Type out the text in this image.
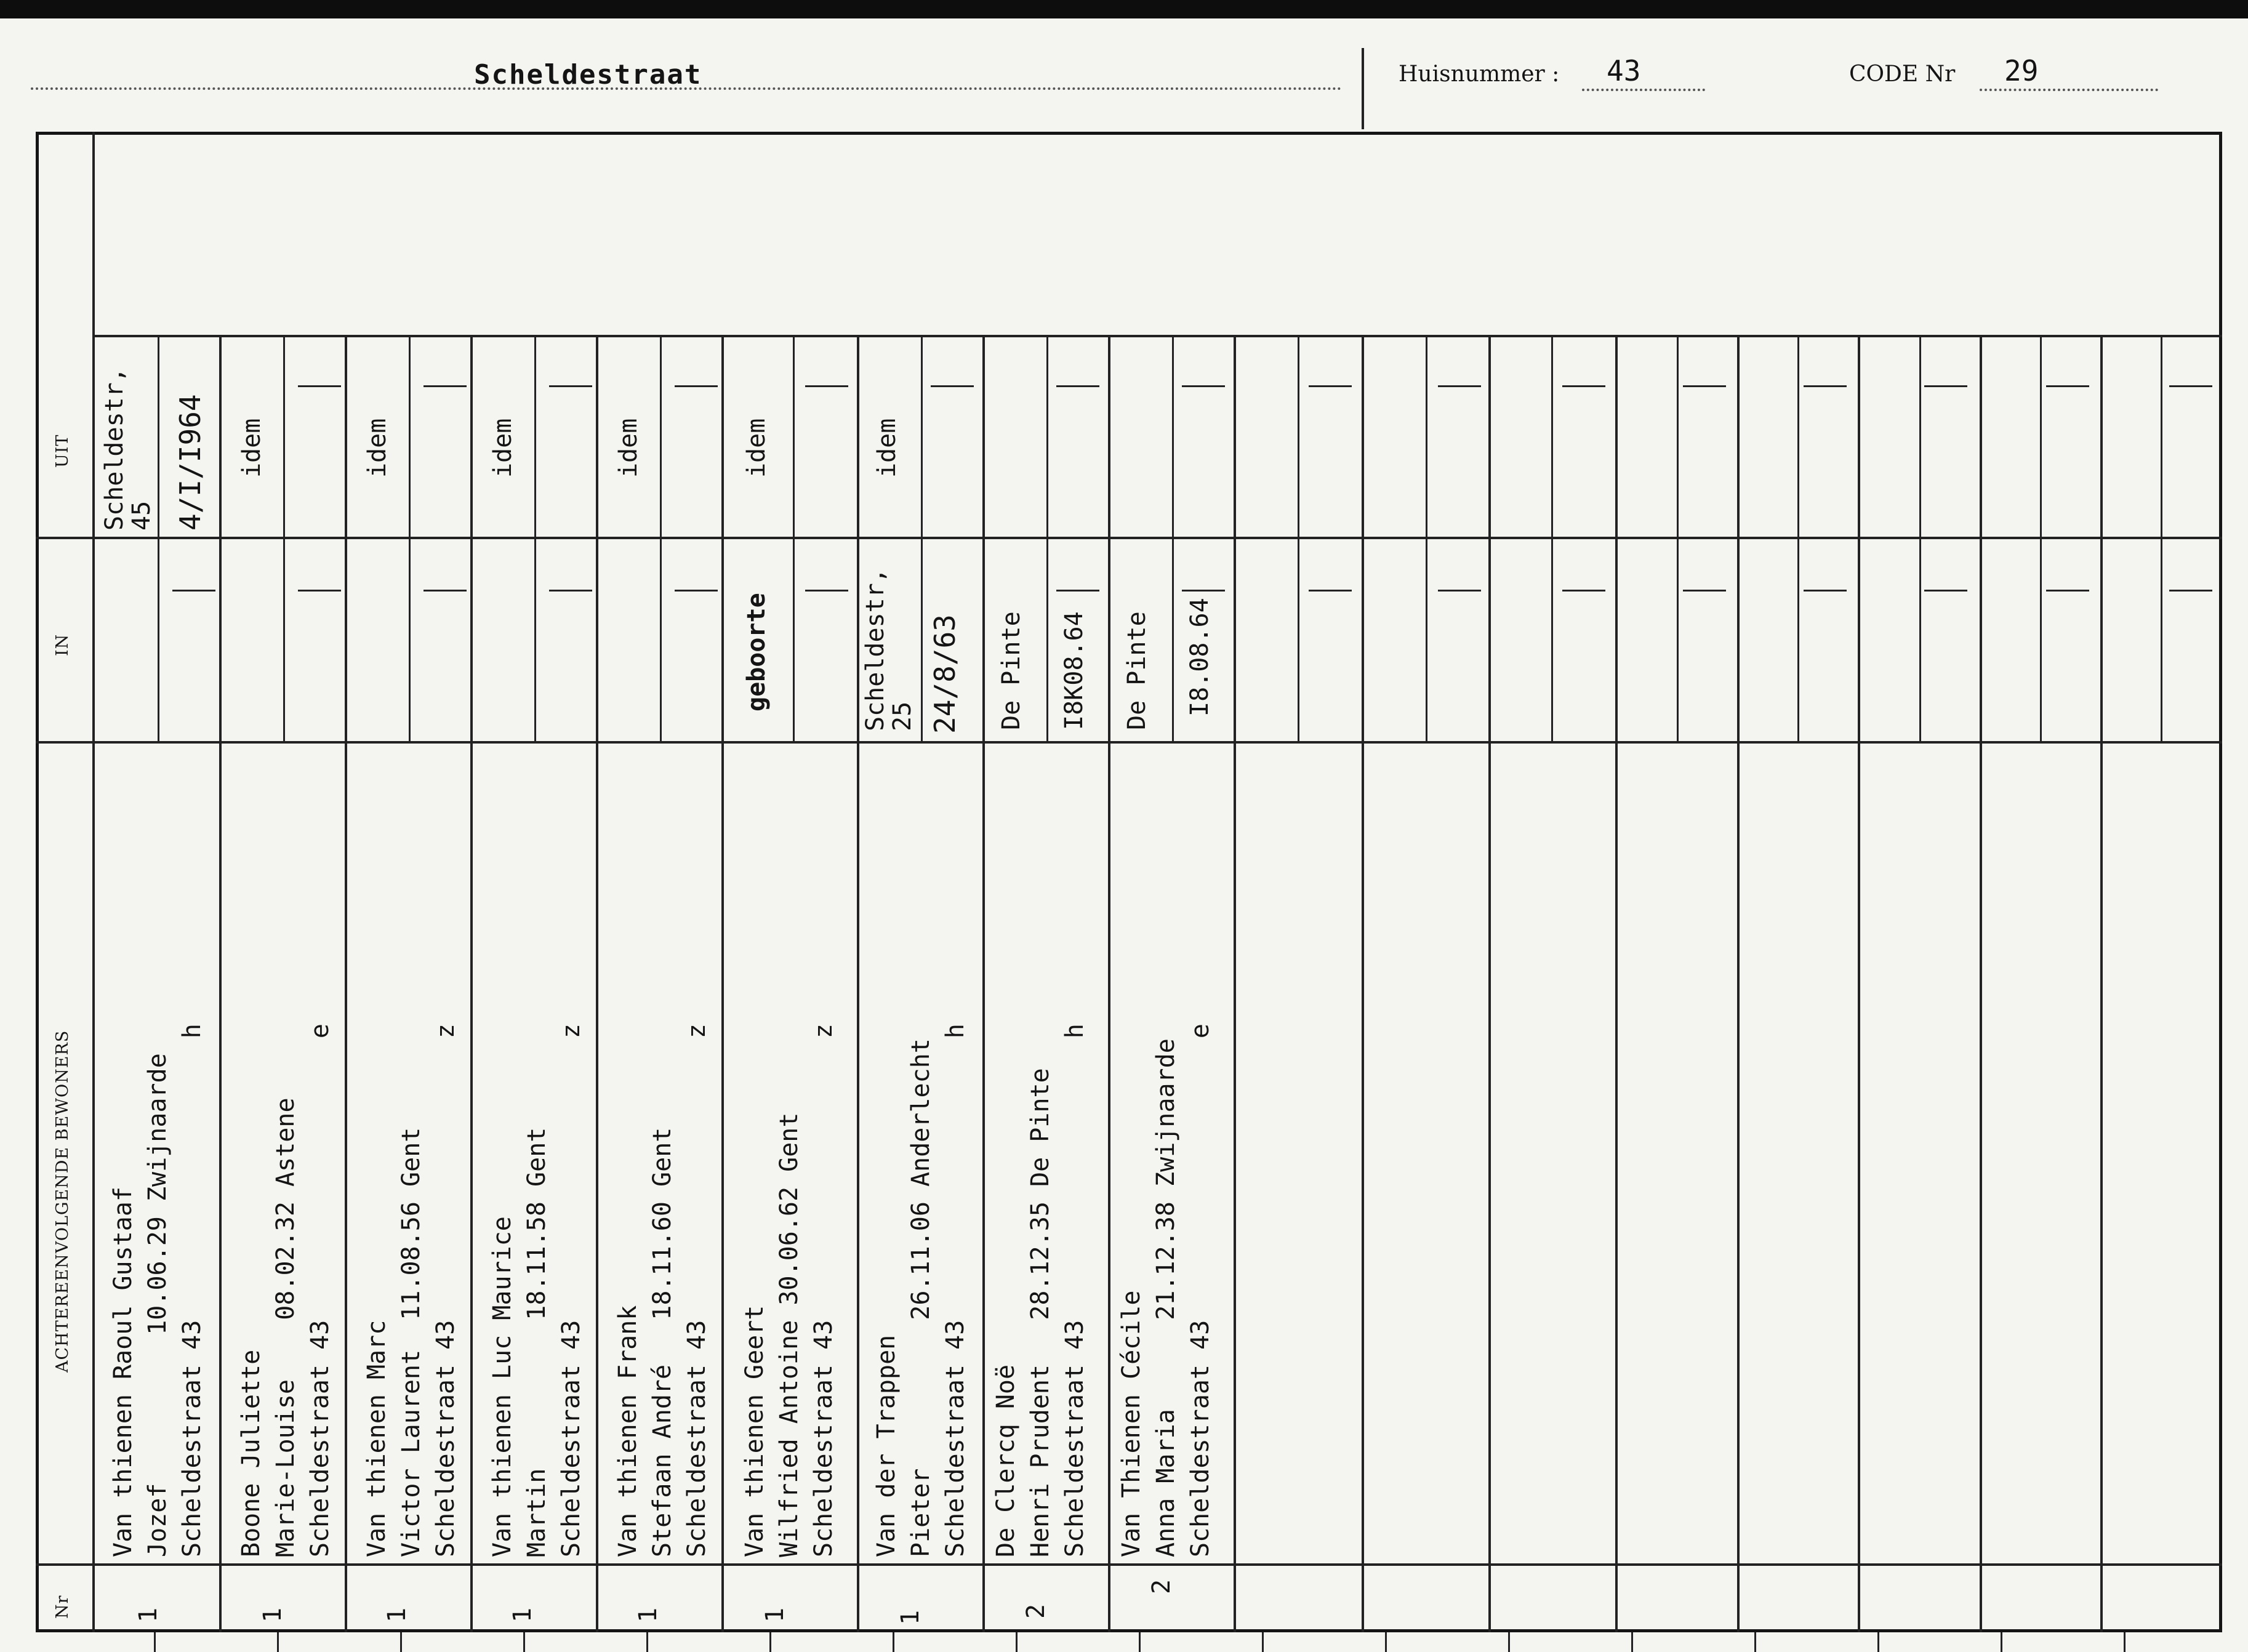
Scheldestraat	Huisnummer : 43	CODE Nr 29
UIT
IN
ACHTEREENVOLGENDE BEWONERS
Nr
Van thienen Raoul Gustaaf Jozef          10.06.29 Zwijnaarde Scheldestraat 43                   h
1
Scheldestr, 45 4/I/I964
Boone Juliette Marie-Louise    08.02.32 Astene Scheldestraat 43                   e
1
idem
Van thienen Marc Victor Laurent  11.08.56 Gent Scheldestraat 43                   z
1
idem
Van thienen Luc Maurice Martin          18.11.58 Gent Scheldestraat 43                   z
1
idem
Van thienen Frank Stefaan André   18.11.60 Gent Scheldestraat 43                   z
1
idem
Van thienen Geert Wilfried Antoine 30.06.62 Gent Scheldestraat 43                   z
1
idem
geboorte
Van der Trappen Pieter          26.11.06 Anderlecht Scheldestraat 43                   h
1
idem
Scheldestr, 25 24/8/63
De Clercq Noë Henri Prudent   28.12.35 De Pinte Scheldestraat 43                   h
2
De Pinte I8K08.64
Van Thienen Cécile Anna Maria      21.12.38 Zwijnaarde Scheldestraat 43                   e
2
De Pinte I8.08.64
